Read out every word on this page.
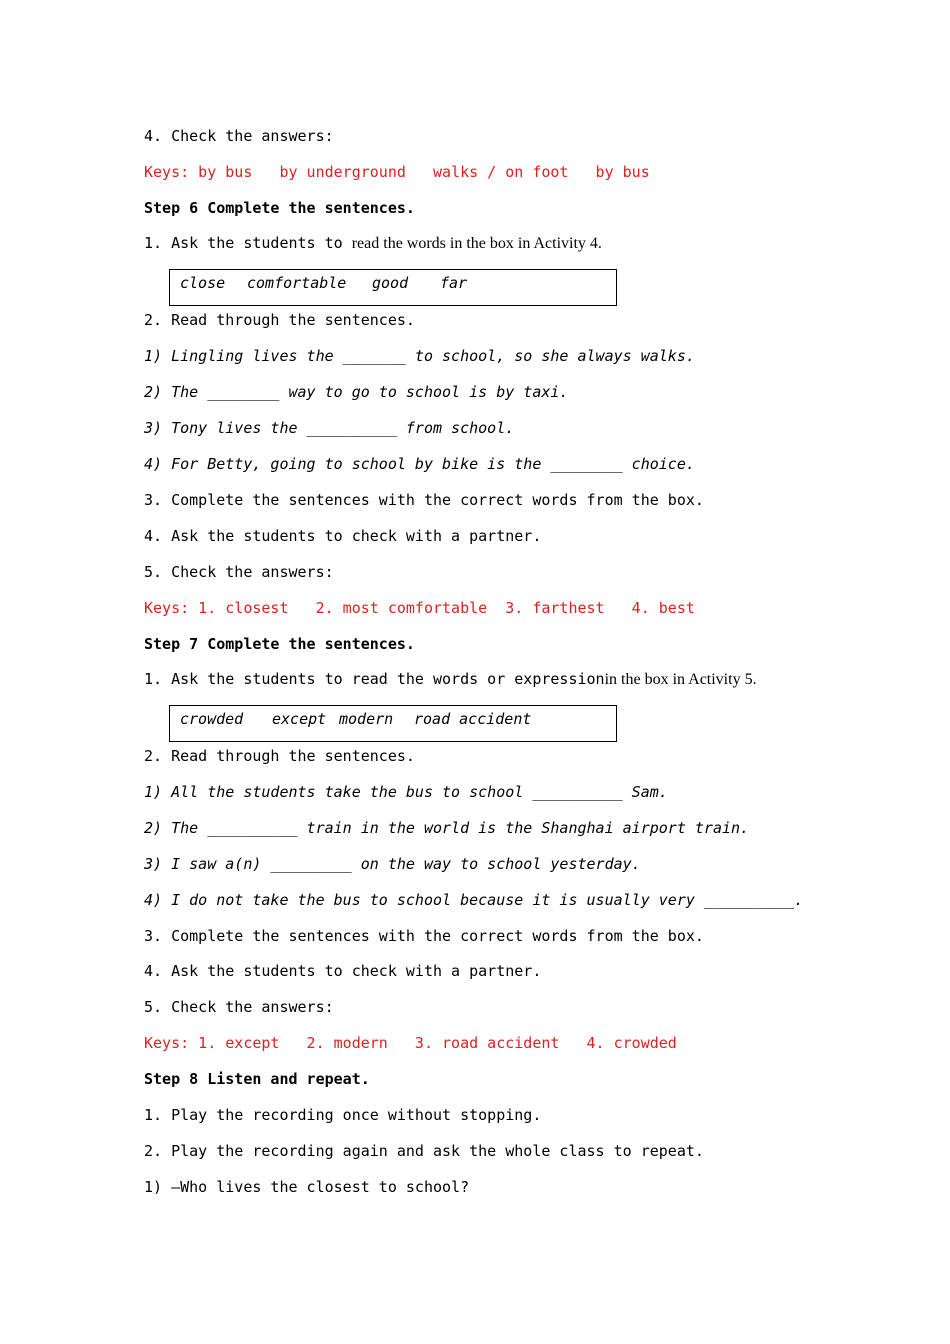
4. Check the answers:
Keys: by bus   by underground   walks / on foot   by bus
Step 6 Complete the sentences.
1. Ask the students to read the words in the box in Activity 4.
close comfortable good far
2. Read through the sentences.
1) Lingling lives the _______ to school, so she always walks.
2) The ________ way to go to school is by taxi.
3) Tony lives the __________ from school.
4) For Betty, going to school by bike is the ________ choice.
3. Complete the sentences with the correct words from the box.
4. Ask the students to check with a partner.
5. Check the answers:
Keys: 1. closest   2. most comfortable  3. farthest   4. best
Step 7 Complete the sentences.
1. Ask the students to read the words or expressionin the box in Activity 5.
crowded except modern road accident
2. Read through the sentences.
1) All the students take the bus to school __________ Sam.
2) The __________ train in the world is the Shanghai airport train.
3) I saw a(n) _________ on the way to school yesterday.
4) I do not take the bus to school because it is usually very __________.
3. Complete the sentences with the correct words from the box.
4. Ask the students to check with a partner.
5. Check the answers:
Keys: 1. except   2. modern   3. road accident   4. crowded
Step 8 Listen and repeat.
1. Play the recording once without stopping.
2. Play the recording again and ask the whole class to repeat.
1) —Who lives the closest to school?
